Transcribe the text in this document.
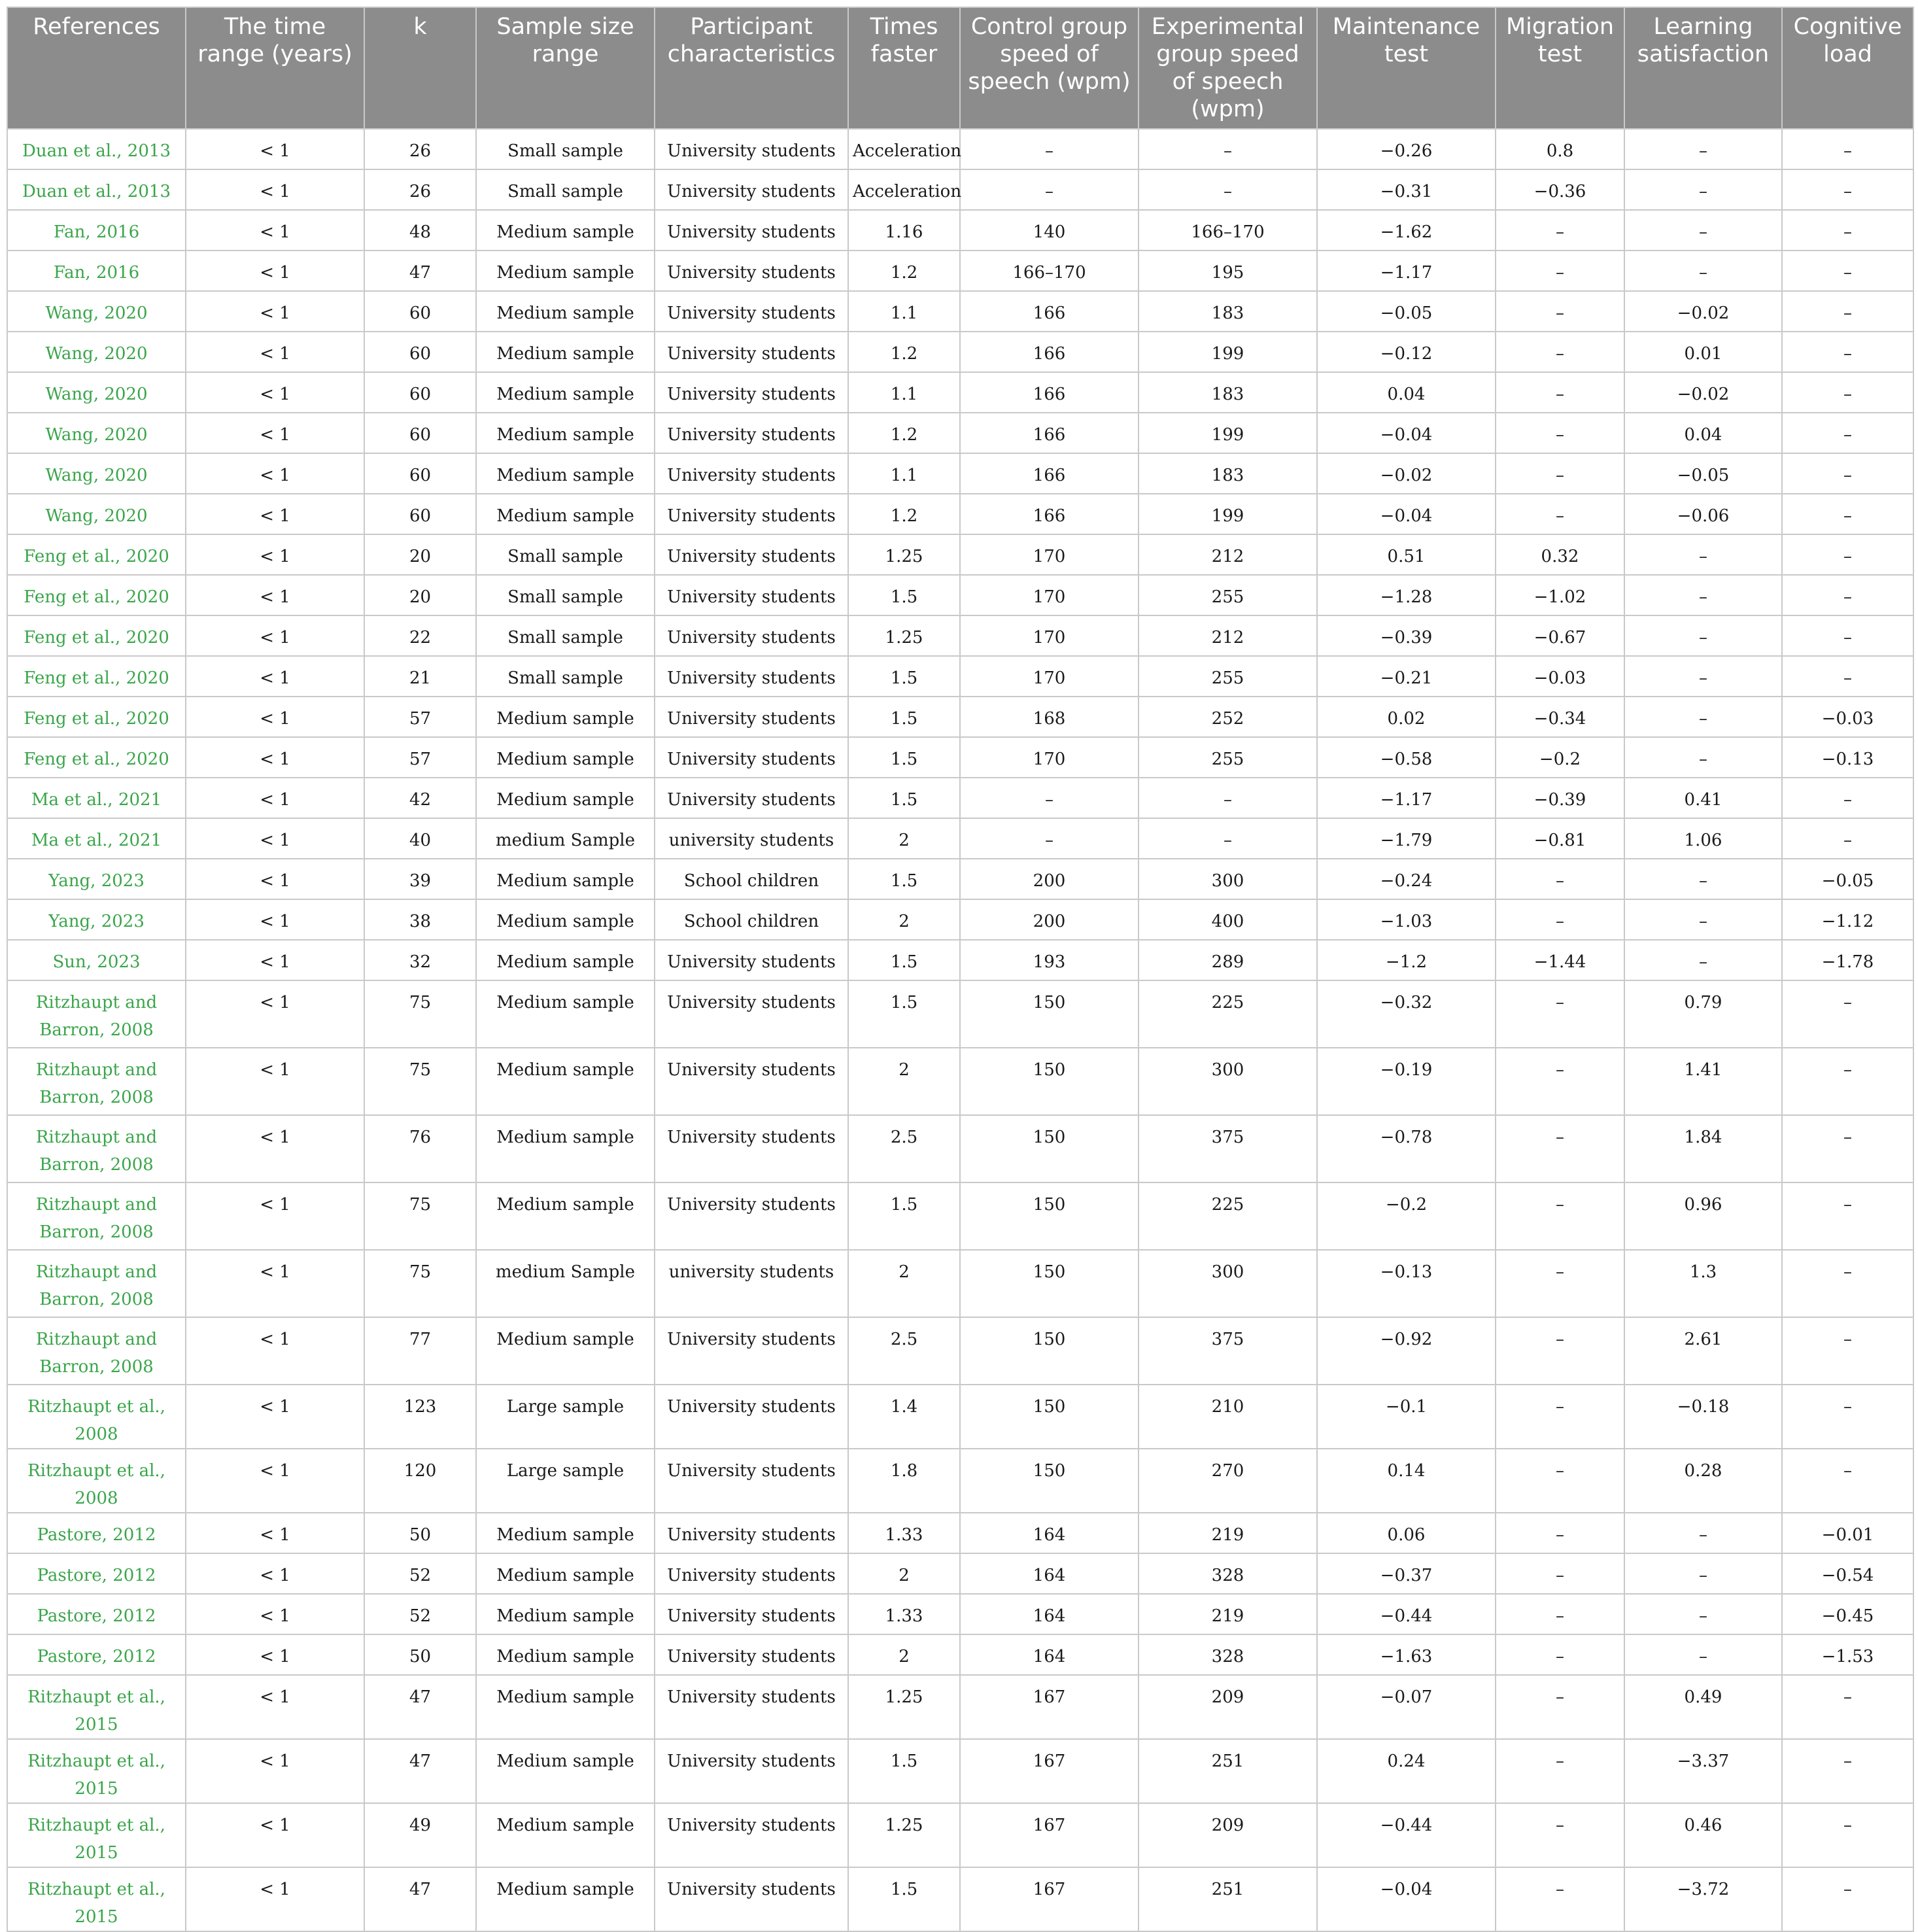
References	The time range (years)	k	Sample size range	Participant characteristics	Times faster	Control group speed of speech (wpm)	Experimental group speed of speech (wpm)	Maintenance test	Migration test	Learning satisfaction	Cognitive load
Duan et al., 2013	< 1	26	Small sample	University students	Acceleration	–	–	−0.26	0.8	–	–
Duan et al., 2013	< 1	26	Small sample	University students	Acceleration	–	–	−0.31	−0.36	–	–
Fan, 2016	< 1	48	Medium sample	University students	1.16	140	166–170	−1.62	–	–	–
Fan, 2016	< 1	47	Medium sample	University students	1.2	166–170	195	−1.17	–	–	–
Wang, 2020	< 1	60	Medium sample	University students	1.1	166	183	−0.05	–	−0.02	–
Wang, 2020	< 1	60	Medium sample	University students	1.2	166	199	−0.12	–	0.01	–
Wang, 2020	< 1	60	Medium sample	University students	1.1	166	183	0.04	–	−0.02	–
Wang, 2020	< 1	60	Medium sample	University students	1.2	166	199	−0.04	–	0.04	–
Wang, 2020	< 1	60	Medium sample	University students	1.1	166	183	−0.02	–	−0.05	–
Wang, 2020	< 1	60	Medium sample	University students	1.2	166	199	−0.04	–	−0.06	–
Feng et al., 2020	< 1	20	Small sample	University students	1.25	170	212	0.51	0.32	–	–
Feng et al., 2020	< 1	20	Small sample	University students	1.5	170	255	−1.28	−1.02	–	–
Feng et al., 2020	< 1	22	Small sample	University students	1.25	170	212	−0.39	−0.67	–	–
Feng et al., 2020	< 1	21	Small sample	University students	1.5	170	255	−0.21	−0.03	–	–
Feng et al., 2020	< 1	57	Medium sample	University students	1.5	168	252	0.02	−0.34	–	−0.03
Feng et al., 2020	< 1	57	Medium sample	University students	1.5	170	255	−0.58	−0.2	–	−0.13
Ma et al., 2021	< 1	42	Medium sample	University students	1.5	–	–	−1.17	−0.39	0.41	–
Ma et al., 2021	< 1	40	medium Sample	university students	2	–	–	−1.79	−0.81	1.06	–
Yang, 2023	< 1	39	Medium sample	School children	1.5	200	300	−0.24	–	–	−0.05
Yang, 2023	< 1	38	Medium sample	School children	2	200	400	−1.03	–	–	−1.12
Sun, 2023	< 1	32	Medium sample	University students	1.5	193	289	−1.2	−1.44	–	−1.78
Ritzhaupt and Barron, 2008	< 1	75	Medium sample	University students	1.5	150	225	−0.32	–	0.79	–
Ritzhaupt and Barron, 2008	< 1	75	Medium sample	University students	2	150	300	−0.19	–	1.41	–
Ritzhaupt and Barron, 2008	< 1	76	Medium sample	University students	2.5	150	375	−0.78	–	1.84	–
Ritzhaupt and Barron, 2008	< 1	75	Medium sample	University students	1.5	150	225	−0.2	–	0.96	–
Ritzhaupt and Barron, 2008	< 1	75	medium Sample	university students	2	150	300	−0.13	–	1.3	–
Ritzhaupt and Barron, 2008	< 1	77	Medium sample	University students	2.5	150	375	−0.92	–	2.61	–
Ritzhaupt et al., 2008	< 1	123	Large sample	University students	1.4	150	210	−0.1	–	−0.18	–
Ritzhaupt et al., 2008	< 1	120	Large sample	University students	1.8	150	270	0.14	–	0.28	–
Pastore, 2012	< 1	50	Medium sample	University students	1.33	164	219	0.06	–	–	−0.01
Pastore, 2012	< 1	52	Medium sample	University students	2	164	328	−0.37	–	–	−0.54
Pastore, 2012	< 1	52	Medium sample	University students	1.33	164	219	−0.44	–	–	−0.45
Pastore, 2012	< 1	50	Medium sample	University students	2	164	328	−1.63	–	–	−1.53
Ritzhaupt et al., 2015	< 1	47	Medium sample	University students	1.25	167	209	−0.07	–	0.49	–
Ritzhaupt et al., 2015	< 1	47	Medium sample	University students	1.5	167	251	0.24	–	−3.37	–
Ritzhaupt et al., 2015	< 1	49	Medium sample	University students	1.25	167	209	−0.44	–	0.46	–
Ritzhaupt et al., 2015	< 1	47	Medium sample	University students	1.5	167	251	−0.04	–	−3.72	–
